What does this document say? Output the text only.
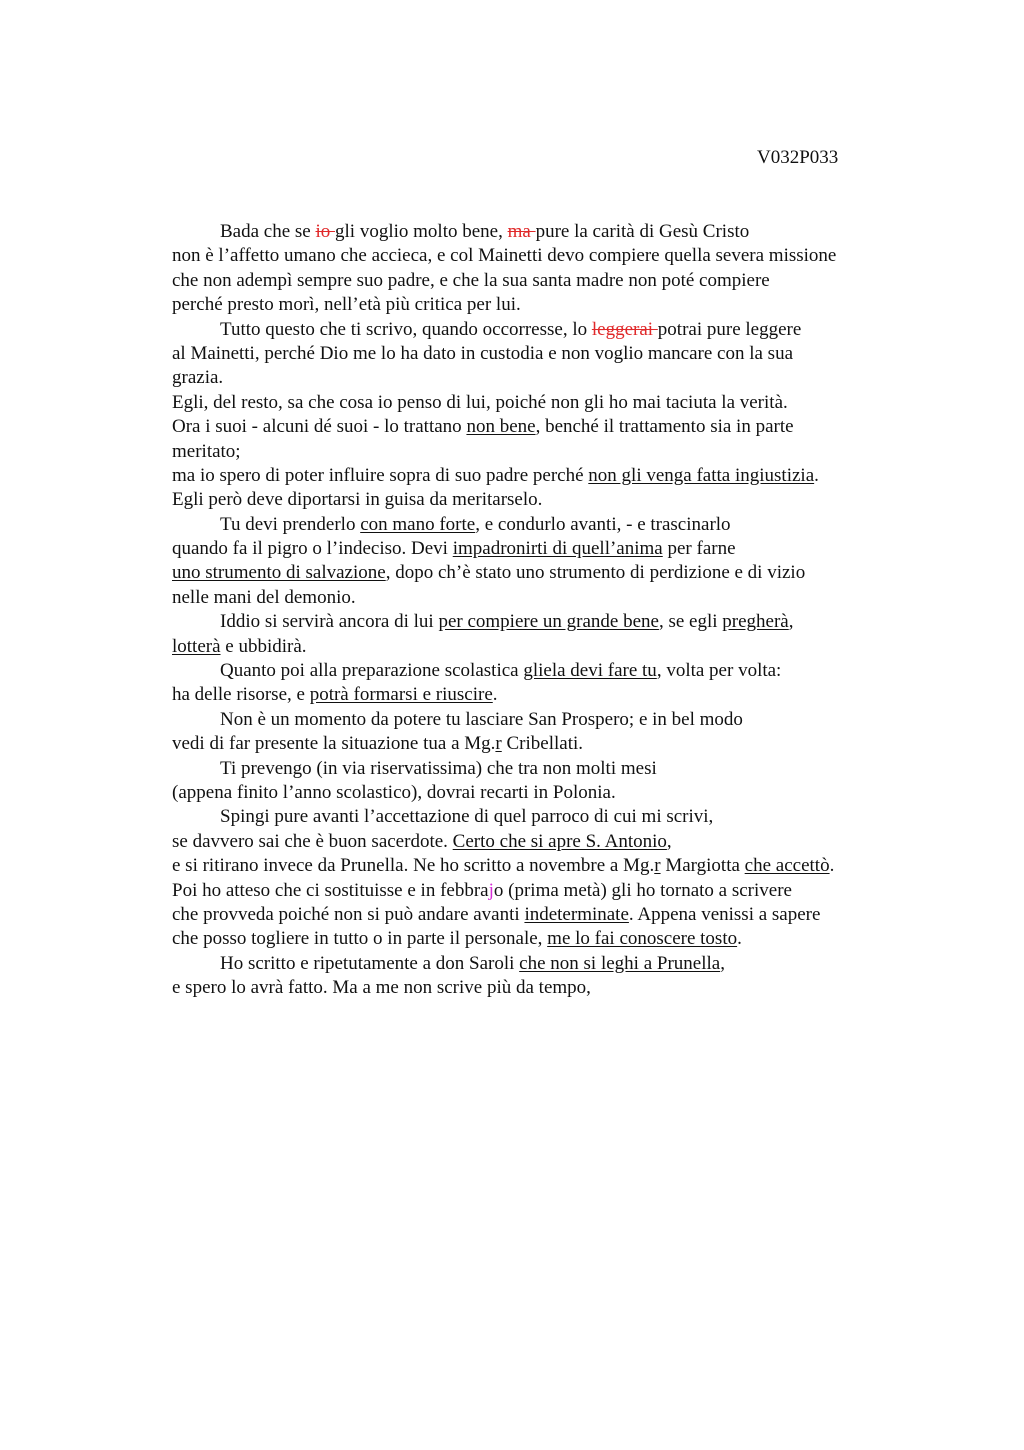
V032P033
Bada che se io gli voglio molto bene, ma pure la carità di Gesù Cristo
non è l’affetto umano che accieca, e col Mainetti devo compiere quella severa missione
che non adempì sempre suo padre, e che la sua santa madre non poté compiere
perché presto morì, nell’età più critica per lui.
Tutto questo che ti scrivo, quando occorresse, lo leggerai potrai pure leggere
al Mainetti, perché Dio me lo ha dato in custodia e non voglio mancare con la sua
grazia.
Egli, del resto, sa che cosa io penso di lui, poiché non gli ho mai taciuta la verità.
Ora i suoi - alcuni dé suoi - lo trattano non bene, benché il trattamento sia in parte
meritato;
ma io spero di poter influire sopra di suo padre perché non gli venga fatta ingiustizia.
Egli però deve diportarsi in guisa da meritarselo.
Tu devi prenderlo con mano forte, e condurlo avanti, - e trascinarlo
quando fa il pigro o l’indeciso. Devi impadronirti di quell’anima per farne
uno strumento di salvazione, dopo ch’è stato uno strumento di perdizione e di vizio
nelle mani del demonio.
Iddio si servirà ancora di lui per compiere un grande bene, se egli pregherà,
lotterà e ubbidirà.
Quanto poi alla preparazione scolastica gliela devi fare tu, volta per volta:
ha delle risorse, e potrà formarsi e riuscire.
Non è un momento da potere tu lasciare San Prospero; e in bel modo
vedi di far presente la situazione tua a Mg.r Cribellati.
Ti prevengo (in via riservatissima) che tra non molti mesi
(appena finito l’anno scolastico), dovrai recarti in Polonia.
Spingi pure avanti l’accettazione di quel parroco di cui mi scrivi,
se davvero sai che è buon sacerdote. Certo che si apre S. Antonio,
e si ritirano invece da Prunella. Ne ho scritto a novembre a Mg.r Margiotta che accettò.
Poi ho atteso che ci sostituisse e in febbrajo (prima metà) gli ho tornato a scrivere
che provveda poiché non si può andare avanti indeterminate. Appena venissi a sapere
che posso togliere in tutto o in parte il personale, me lo fai conoscere tosto.
Ho scritto e ripetutamente a don Saroli che non si leghi a Prunella,
e spero lo avrà fatto. Ma a me non scrive più da tempo,
